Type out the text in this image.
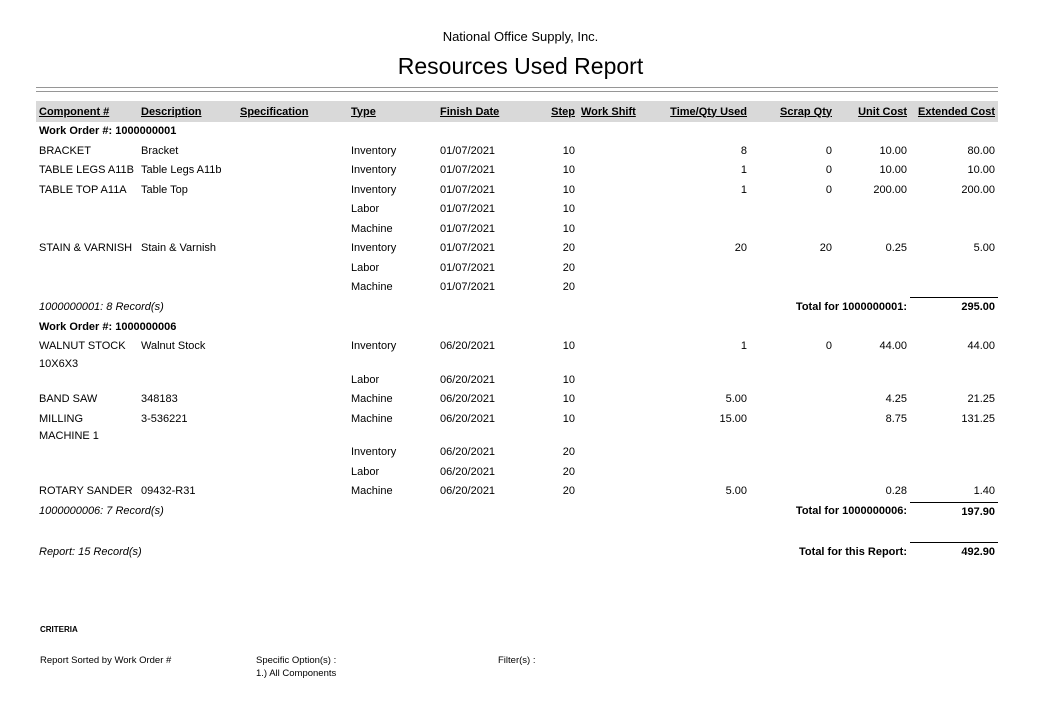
National Office Supply, Inc.
Resources Used Report
Component #	Description	Specification	Type	Finish Date	Step	Work Shift	Time/Qty Used	Scrap Qty	Unit Cost	Extended Cost
Work Order #: 1000000001										
BRACKET	Bracket		Inventory	01/07/2021	10		8	0	10.00	80.00
TABLE LEGS A11B	Table Legs A11b		Inventory	01/07/2021	10		1	0	10.00	10.00
TABLE TOP A11A	Table Top		Inventory	01/07/2021	10		1	0	200.00	200.00
			Labor	01/07/2021	10					
			Machine	01/07/2021	10					
STAIN & VARNISH	Stain & Varnish		Inventory	01/07/2021	20		20	20	0.25	5.00
			Labor	01/07/2021	20					
			Machine	01/07/2021	20					
1000000001: 8 Record(s)					Total for 1000000001:					295.00
Work Order #: 1000000006										
WALNUT STOCK
10X6X3	Walnut Stock		Inventory	06/20/2021	10		1	0	44.00	44.00
			Labor	06/20/2021	10					
BAND SAW	348183		Machine	06/20/2021	10		5.00		4.25	21.25
MILLING
MACHINE 1	3-536221		Machine	06/20/2021	10		15.00		8.75	131.25
			Inventory	06/20/2021	20					
			Labor	06/20/2021	20					
ROTARY SANDER	09432-R31		Machine	06/20/2021	20		5.00		0.28	1.40
1000000006: 7 Record(s)					Total for 1000000006:					197.90

Report: 15 Record(s)					Total for this Report:					492.90
CRITERIA
Report Sorted by Work Order #	Specific Option(s) :
1.) All Components
Filter(s) :
